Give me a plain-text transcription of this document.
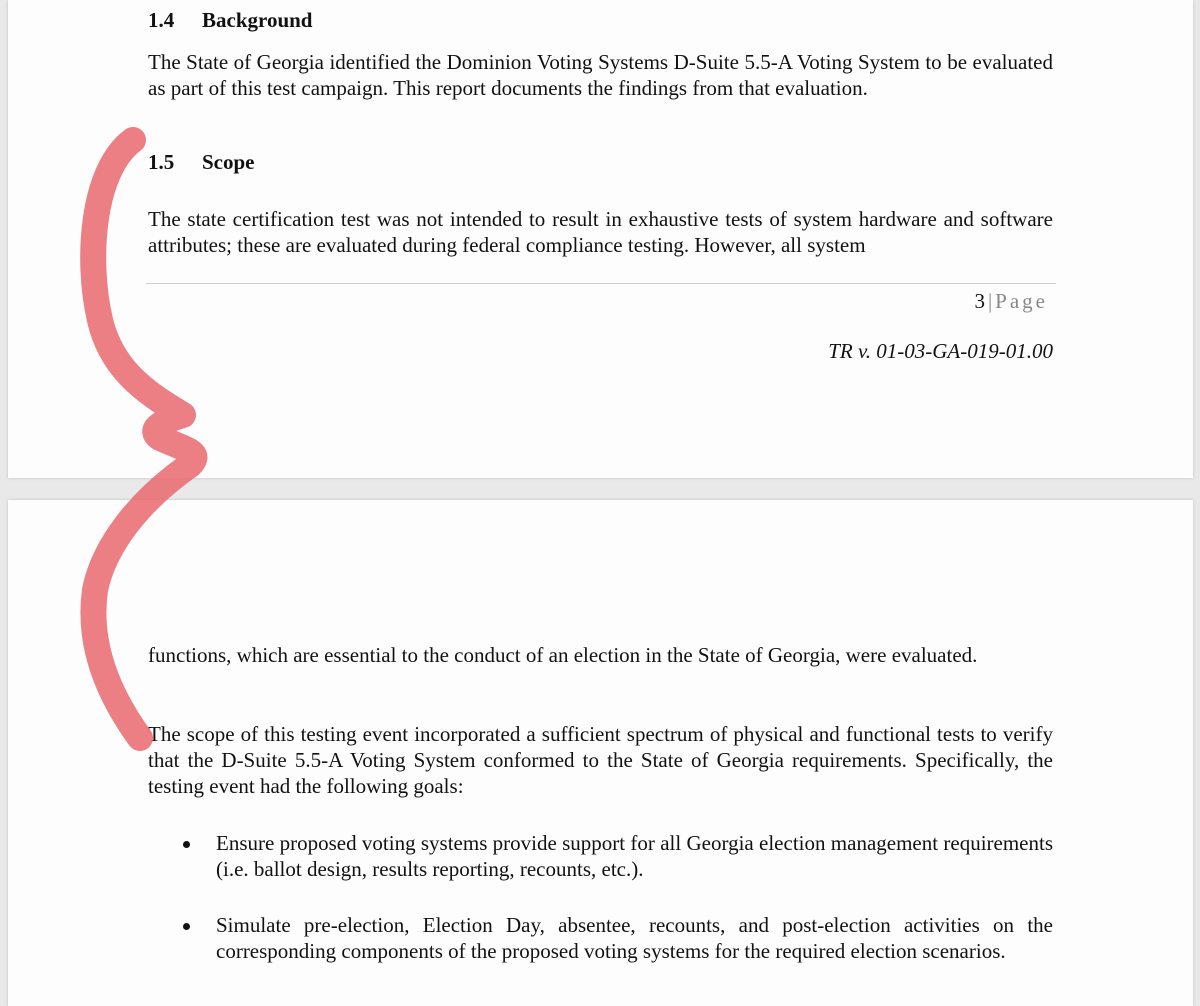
1.4 Background

The State of Georgia identified the Dominion Voting Systems D-Suite 5.5-A Voting System to be evaluated as part of this test campaign. This report documents the findings from that evaluation.

1.5 Scope

The state certification test was not intended to result in exhaustive tests of system hardware and software attributes; these are evaluated during federal compliance testing. However, all system

3 | Page
TR v. 01-03-GA-019-01.00

functions, which are essential to the conduct of an election in the State of Georgia, were evaluated.

The scope of this testing event incorporated a sufficient spectrum of physical and functional tests to verify that the D-Suite 5.5-A Voting System conformed to the State of Georgia requirements. Specifically, the testing event had the following goals:

Ensure proposed voting systems provide support for all Georgia election management requirements (i.e. ballot design, results reporting, recounts, etc.).
Simulate pre-election, Election Day, absentee, recounts, and post-election activities on the corresponding components of the proposed voting systems for the required election scenarios.
